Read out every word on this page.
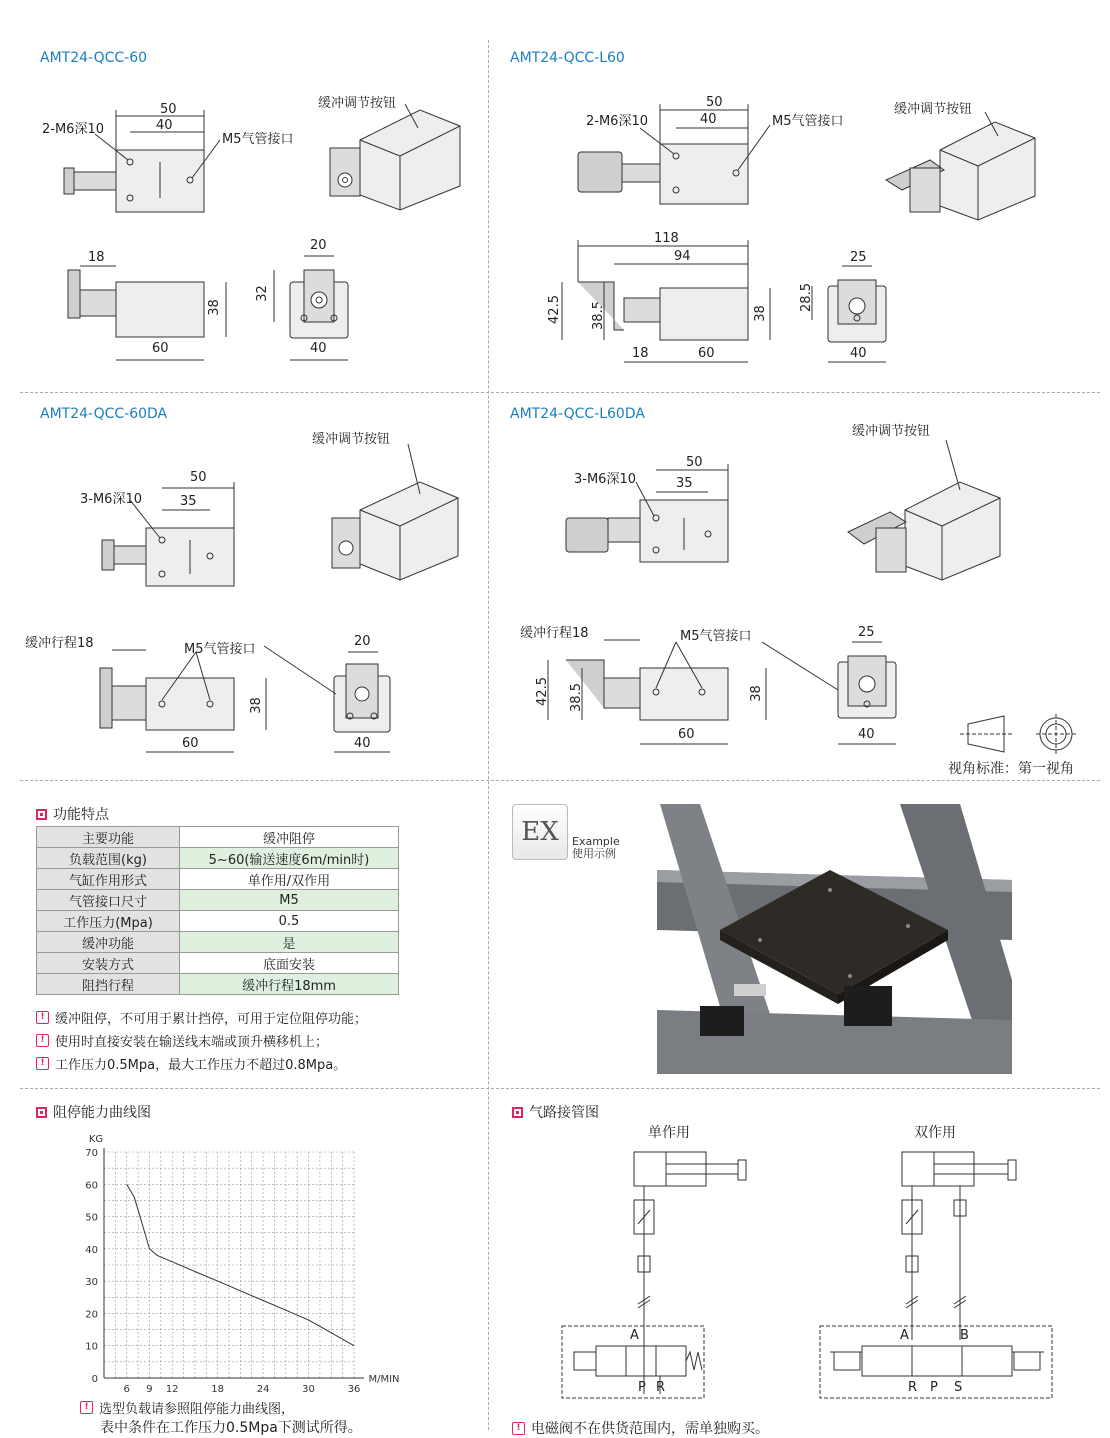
AMT24-QCC-60
2-M6深10
M5气管接口
缓冲调节按钮
50
40
18
38
60
20
32
40
AMT24-QCC-L60
2-M6深10	M5气管接口
缓冲调节按钮
50
40
118
94
42.5 38.5	38
18	60
25
28.5
40
AMT24-QCC-60DA
3-M6深10
缓冲调节按钮
缓冲行程18	M5气管接口
50
35
38
60
20
40
AMT24-QCC-L60DA
3-M6深10
缓冲调节按钮
缓冲行程18	M5气管接口
50
35
42.5 38.5	38
60
25
40
视角标准：第一视角
功能特点
主要功能	缓冲阻停
负载范围(kg)	5~60(输送速度6m/min时)
气缸作用形式	单作用/双作用
气管接口尺寸	M5
工作压力(Mpa)	0.5
缓冲功能	是
安装方式	底面安装
阻挡行程	缓冲行程18mm
! 缓冲阻停，不可用于累计挡停，可用于定位阻停功能；
! 使用时直接安装在输送线末端或顶升横移机上；
! 工作压力0.5Mpa，最大工作压力不超过0.8Mpa。
EX Example
使用示例
阻停能力曲线图
6 9 12	18	24	30	36
0
10
20
30
40
50
60
70
KG
M/MIN
! 选型负载请参照阻停能力曲线图，
表中条件在工作压力0.5Mpa下测试所得。
气路接管图
单作用	双作用
A
P R
A	B
R P S
! 电磁阀不在供货范围内，需单独购买。
